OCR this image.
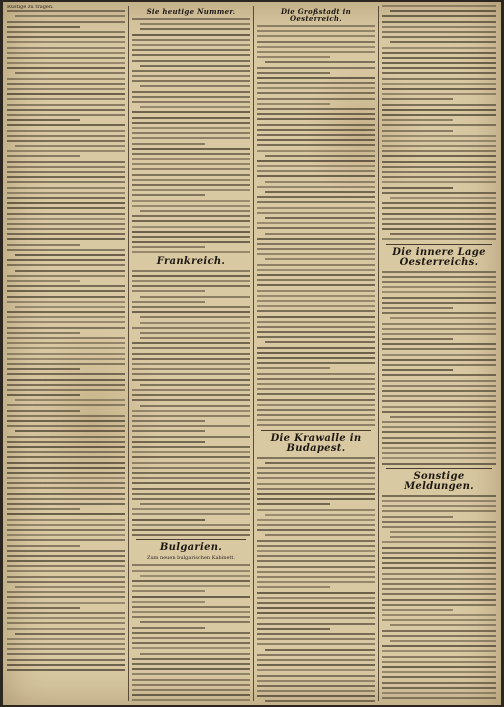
Rüstige zu tragen.	Sie heutige Nummer.
Frankreich.
Bulgarien.
Zum neuen bulgarischen Kabinett.
Die Großstadt in Oesterreich.
Die Krawalle in Budapest.
Die innere Lage Oesterreichs.
Sonstige Meldungen.
